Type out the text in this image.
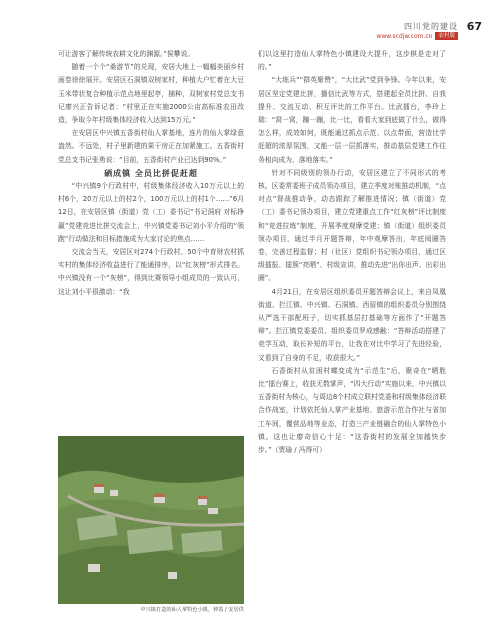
四川党的建设
www.scdjw.com.cn	农村版
67

可让游客了解传统农耕文化的渊源。”侯攀说。

随着一个个“桑游节”的兑现，安居大地上一幅幅美丽乡村画卷徐徐展开。安居区石洞镇双树家村，种植大户忙着在大豆玉米带状复合种植示范点地里起亭，捕种，双树家村党总支书记廖兴正告诉记者：“村里正在实施2000公亩高标准农田改造，争取今年村级集体经济收入达到15万元。”

在安居区中兴镇五香街村仙人掌基地，连片的仙人掌绿意盎然。不远处，村子里新建的果干房正在加紧施工。五香街村党总支书记张勇说：“目前，五香街村产业已达到90%。”

硒成镇 全员比拼促赶超

“中兴镇9个行政村中，村级集体经济收入10万元以上的村6个，20万元以上的村2个，100万元以上的村1个……”6月12日，在安居区镇（街道）党（工）委书记“书记洞府 对标挣赢”党建竞进比拼交流会上，中兴镇党委书记刘小平介绍的“领跑”行动做法和目标措施成为大家讨论的焦点……

交流会当天，安居区对274个行政村、50个中育财农村抓实村的集体经济收益进行了能通排序，以“红灰榜”形式排名。中兴镇没有一个“灰榜”，得到比赛领导小组成员的一致认可，这让刘小平很激动：“我

中兴镇打造的仙人掌特色小镇。钟霞 / 安居供

们以这里打造仙人掌特色小镇建设大提升，这步棋是走对了的。”

“大练兵”“群英聚赞”，“大比武”党到争锋。今年以来，安居区坚定党建比拼，播信比武等方式，搭建起全员比拼、自我提升、交流互动、积互评比的工作平台。比武擂台，李玲上瑞：“窝一窝，蹦一蹦，比一比，看看大家到底做了什么，做得怎么样，成效如何，既能通过抓点示范、以点带面，营造比学赶超的浓厚氛围，又能一层一层抓落实，推动基层党建工作往务相向成为、落地落实。”

针对不同级别的领办行动，安居区建立了不同形式的考核。区委常委班子成员领办项目，建立季度对账推动机制，“点对点”督战推动争，动态跟踪了解推进情况；镇（街道）党（工）委书记领办项目，建立党建重点工作“红灰榜”评比制度和“竞进拉练”制度，开展季度观摩党建；镇（街道）组织委员领办项目，通过半月开题答辩，年中观摩答出，年底阅圈答卷，完善过程监督；村（社区）党组织书记领办项目，通过区级擂报、擂簇“亮晒”、村级宣讲，推动先进“出你出声、出彩出圈”。

4月21日，在安居区组织委员开题答辩会议上，来自凤凰街道、拦江镇、中兴镇、石洞镇、西眉镇的组织委员分别围绕从严选干部配班子，切实抓基层打基础等方面作了“开题答辩”。拦江镇党委委员、组织委员罗成感触：“答辩活动搭建了竞学互动，取长补短的平台，让我在对比中学习了先进经验，又看到了自身的不足，收获很大。”

石香街村从贫困村蝶变成为“示范生”后，聚奇在“晒胜比”擂台赛上，收获无数掌声，“四大行动”实施以来，中兴镇以五香街村为核心，与周边8个村成立联村党委和村级集体经济联合作战室，计划依托仙人掌产业基地、旅游示范合作社与省加工车间，覆营品地等业态，打造三产业链融合的仙人掌特色小镇。这也让廖奇信心十足：“这香街村的发展全加越快步步。”（贾瑜 / 冯得可）
